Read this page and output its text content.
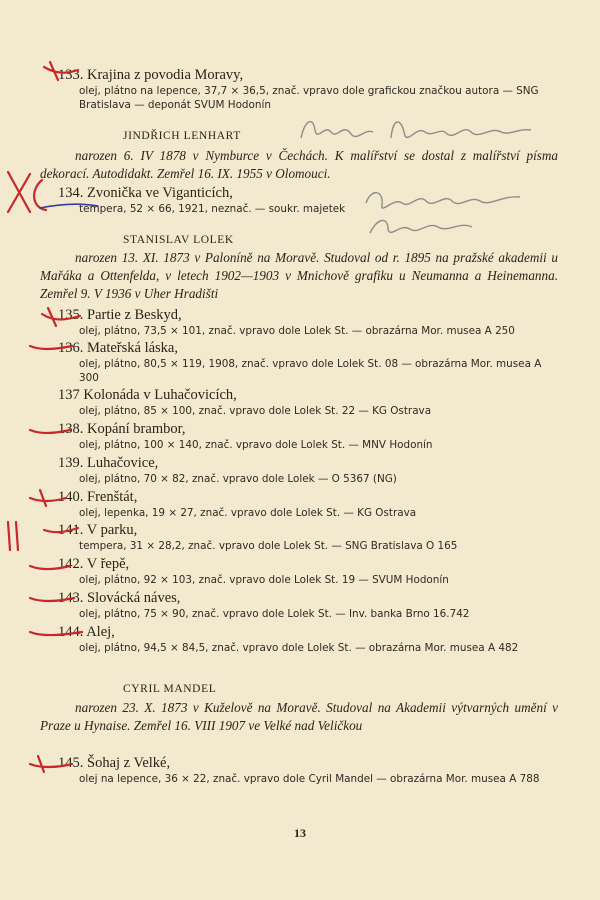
133. Krajina z povodia Moravy,
olej, plátno na lepence, 37,7 × 36,5, znač. vpravo dole grafickou značkou autora — SNG Bratislava — deponát SVUM Hodonín
JINDŘICH LENHART
narozen 6. IV 1878 v Nymburce v Čechách. K malířství se dostal z malířství písma dekorací. Autodidakt. Zemřel 16. IX. 1955 v Olomouci.
134. Zvonička ve Viganticích,
tempera, 52 × 66, 1921, neznač. — soukr. majetek
STANISLAV LOLEK
narozen 13. XI. 1873 v Paloníně na Moravě. Studoval od r. 1895 na pražské akademii u Mařáka a Ottenfelda, v letech 1902—1903 v Mnichově grafiku u Neumanna a Heinemanna. Zemřel 9. V 1936 v Uher Hradišti
135. Partie z Beskyd,
olej, plátno, 73,5 × 101, znač. vpravo dole Lolek St. — obrazárna Mor. musea A 250
136. Mateřská láska,
olej, plátno, 80,5 × 119, 1908, znač. vpravo dole Lolek St. 08 — obrazárna Mor. musea A 300
137 Kolonáda v Luhačovicích,
olej, plátno, 85 × 100, znač. vpravo dole Lolek St. 22 — KG Ostrava
138. Kopání brambor,
olej, plátno, 100 × 140, znač. vpravo dole Lolek St. — MNV Hodonín
139. Luhačovice,
olej, plátno, 70 × 82, znač. vpravo dole Lolek — O 5367 (NG)
140. Frenštát,
olej, lepenka, 19 × 27, znač. vpravo dole Lolek St. — KG Ostrava
141. V parku,
tempera, 31 × 28,2, znač. vpravo dole Lolek St. — SNG Bratislava O 165
142. V řepě,
olej, plátno, 92 × 103, znač. vpravo dole Lolek St. 19 — SVUM Hodonín
143. Slovácká náves,
olej, plátno, 75 × 90, znač. vpravo dole Lolek St. — Inv. banka Brno 16.742
144. Alej,
olej, plátno, 94,5 × 84,5, znač. vpravo dole Lolek St. — obrazárna Mor. musea A 482
CYRIL MANDEL
narozen 23. X. 1873 v Kuželově na Moravě. Studoval na Akademii výtvarných umění v Praze u Hynaise. Zemřel 16. VIII 1907 ve Velké nad Veličkou
145. Šohaj z Velké,
olej na lepence, 36 × 22, znač. vpravo dole Cyril Mandel — obrazárna Mor. musea A 788
13
